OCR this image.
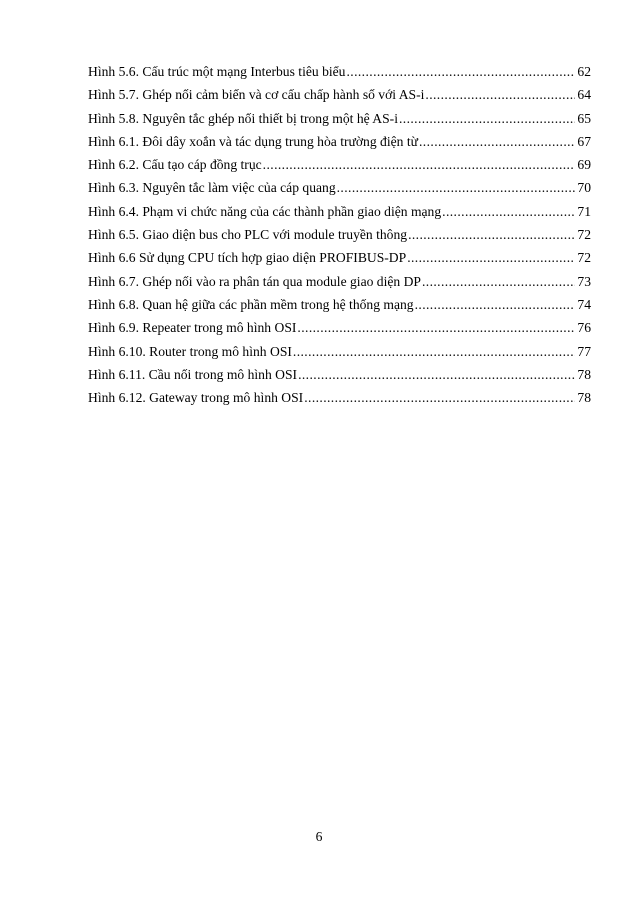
Hình 5.6. Cấu trúc một mạng Interbus tiêu biểu .....	62
Hình 5.7. Ghép nối cảm biến và cơ cấu chấp hành số với AS-i .....	64
Hình 5.8. Nguyên tắc ghép nối thiết bị trong một hệ AS-i .....	65
Hình 6.1. Đôi dây xoắn và tác dụng trung hòa trường điện từ .....	67
Hình 6.2. Cấu tạo cáp đồng trục .....	69
Hình 6.3. Nguyên tắc làm việc của cáp quang .....	70
Hình 6.4. Phạm vi chức năng của các thành phần giao diện mạng .....	71
Hình 6.5. Giao diện bus cho PLC với module truyền thông .....	72
Hình 6.6 Sử dụng CPU tích hợp giao diện PROFIBUS-DP .....	72
Hình 6.7. Ghép nối vào ra phân tán qua module giao diện DP .....	73
Hình 6.8. Quan hệ giữa các phần mềm trong hệ thống mạng .....	74
Hình 6.9. Repeater trong mô hình OSI .....	76
Hình 6.10. Router trong mô hình OSI .....	77
Hình 6.11. Cầu nối trong mô hình OSI .....	78
Hình 6.12. Gateway trong mô hình OSI .....	78
6
